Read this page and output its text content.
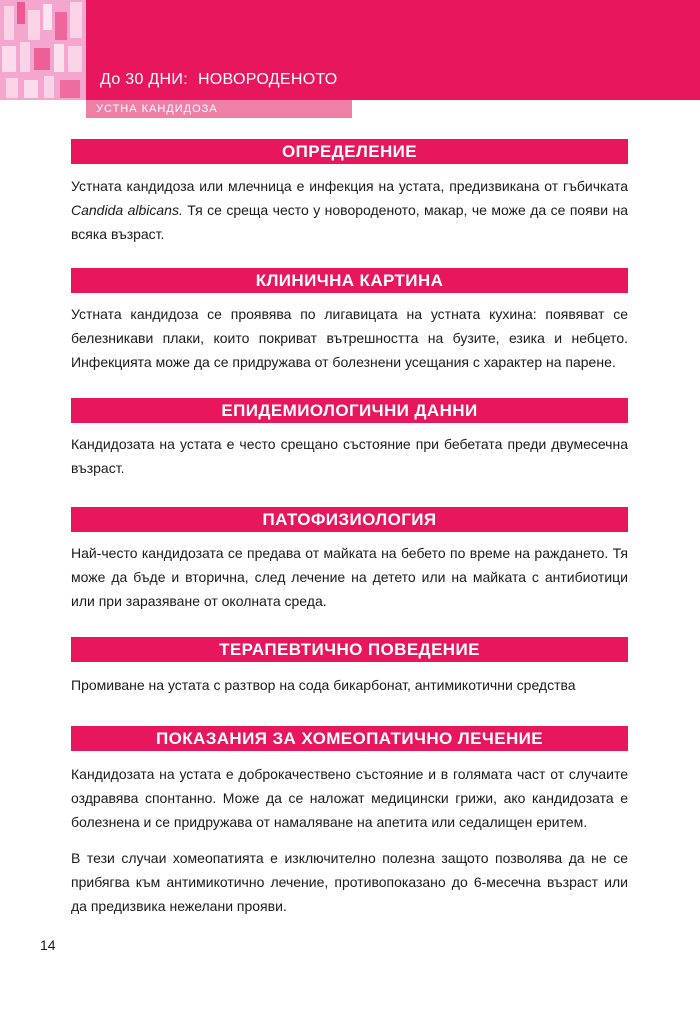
До 30 ДНИ: НОВОРОДЕНОТО
УСТНА КАНДИДОЗА
ОПРЕДЕЛЕНИЕ

Устната кандидоза или млечница е инфекция на устата, предизвикана от гъбичката Candida albicans. Тя се среща често у новороденото, макар, че може да се появи на всяка възраст.

КЛИНИЧНА КАРТИНА

Устната кандидоза се проявява по лигавицата на устната кухина: появяват се белезникави плаки, които покриват вътрешността на бузите, езика и небцето. Инфекцията може да се придружава от болезнени усещания с характер на парене.

ЕПИДЕМИОЛОГИЧНИ ДАННИ

Кандидозата на устата е често срещано състояние при бебетата преди двумесечна възраст.

ПАТОФИЗИОЛОГИЯ

Най-често кандидозата се предава от майката на бебето по време на раждането. Тя може да бъде и вторична, след лечение на детето или на майката с антибиотици или при заразяване от околната среда.

ТЕРАПЕВТИЧНО ПОВЕДЕНИЕ

Промиване на устата с разтвор на сода бикарбонат, антимикотични средства

ПОКАЗАНИЯ ЗА ХОМЕОПАТИЧНО ЛЕЧЕНИЕ

Кандидозата на устата е доброкачествено състояние и в голямата част от случаите оздравява спонтанно. Може да се наложат медицински грижи, ако кандидозата е болезнена и се придружава от намаляване на апетита или седалищен еритем.

В тези случаи хомеопатията е изключително полезна защото позволява да не се прибягва към антимикотично лечение, противопоказано до 6-месечна възраст или да предизвика нежелани прояви.

14
